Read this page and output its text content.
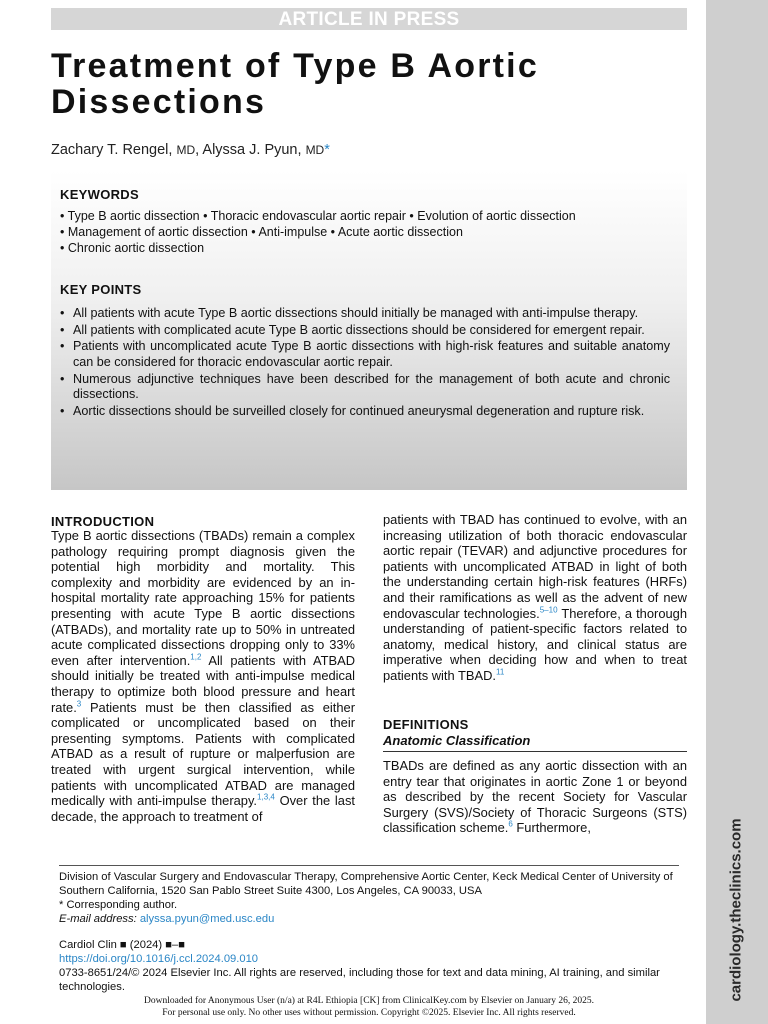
ARTICLE IN PRESS
cardiology.theclinics.com
Treatment of Type B Aortic Dissections
Zachary T. Rengel, MD, Alyssa J. Pyun, MD*
KEYWORDS
• Type B aortic dissection • Thoracic endovascular aortic repair • Evolution of aortic dissection
• Management of aortic dissection • Anti-impulse • Acute aortic dissection
• Chronic aortic dissection
KEY POINTS
• All patients with acute Type B aortic dissections should initially be managed with anti-impulse therapy.
• All patients with complicated acute Type B aortic dissections should be considered for emergent repair.
• Patients with uncomplicated acute Type B aortic dissections with high-risk features and suitable anatomy can be considered for thoracic endovascular aortic repair.
• Numerous adjunctive techniques have been described for the management of both acute and chronic dissections.
• Aortic dissections should be surveilled closely for continued aneurysmal degeneration and rupture risk.
INTRODUCTION

Type B aortic dissections (TBADs) remain a complex pathology requiring prompt diagnosis given the potential high morbidity and mortality. This complexity and morbidity are evidenced by an in-hospital mortality rate approaching 15% for patients presenting with acute Type B aortic dissections (ATBADs), and mortality rate up to 50% in untreated acute complicated dissections dropping only to 33% even after intervention.$^{1,2}$ All patients with ATBAD should initially be treated with anti-impulse medical therapy to optimize both blood pressure and heart rate.$^3$ Patients must be then classified as either complicated or uncomplicated based on their presenting symptoms. Patients with complicated ATBAD as a result of rupture or malperfusion are treated with urgent surgical intervention, while patients with uncomplicated ATBAD are managed medically with anti-impulse therapy.$^{1,3,4}$ Over the last decade, the approach to treatment of

patients with TBAD has continued to evolve, with an increasing utilization of both thoracic endovascular aortic repair (TEVAR) and adjunctive procedures for patients with uncomplicated ATBAD in light of both the understanding certain high-risk features (HRFs) and their ramifications as well as the advent of new endovascular technologies.$^{5-10}$ Therefore, a thorough understanding of patient-specific factors related to anatomy, medical history, and clinical status are imperative when deciding how and when to treat patients with TBAD.$^{11}$

DEFINITIONS
Anatomic Classification

TBADs are defined as any aortic dissection with an entry tear that originates in aortic Zone 1 or beyond as described by the recent Society for Vascular Surgery (SVS)/Society of Thoracic Surgeons (STS) classification scheme.$^6$ Furthermore,

Division of Vascular Surgery and Endovascular Therapy, Comprehensive Aortic Center, Keck Medical Center of University of Southern California, 1520 San Pablo Street Suite 4300, Los Angeles, CA 90033, USA
* Corresponding author.
E-mail address: alyssa.pyun@med.usc.edu
Cardiol Clin ■ (2024) ■–■
https://doi.org/10.1016/j.ccl.2024.09.010
0733-8651/24/© 2024 Elsevier Inc. All rights are reserved, including those for text and data mining, AI training, and similar technologies.
Downloaded for Anonymous User (n/a) at R4L Ethiopia [CK] from ClinicalKey.com by Elsevier on January 26, 2025.
For personal use only. No other uses without permission. Copyright ©2025. Elsevier Inc. All rights reserved.
